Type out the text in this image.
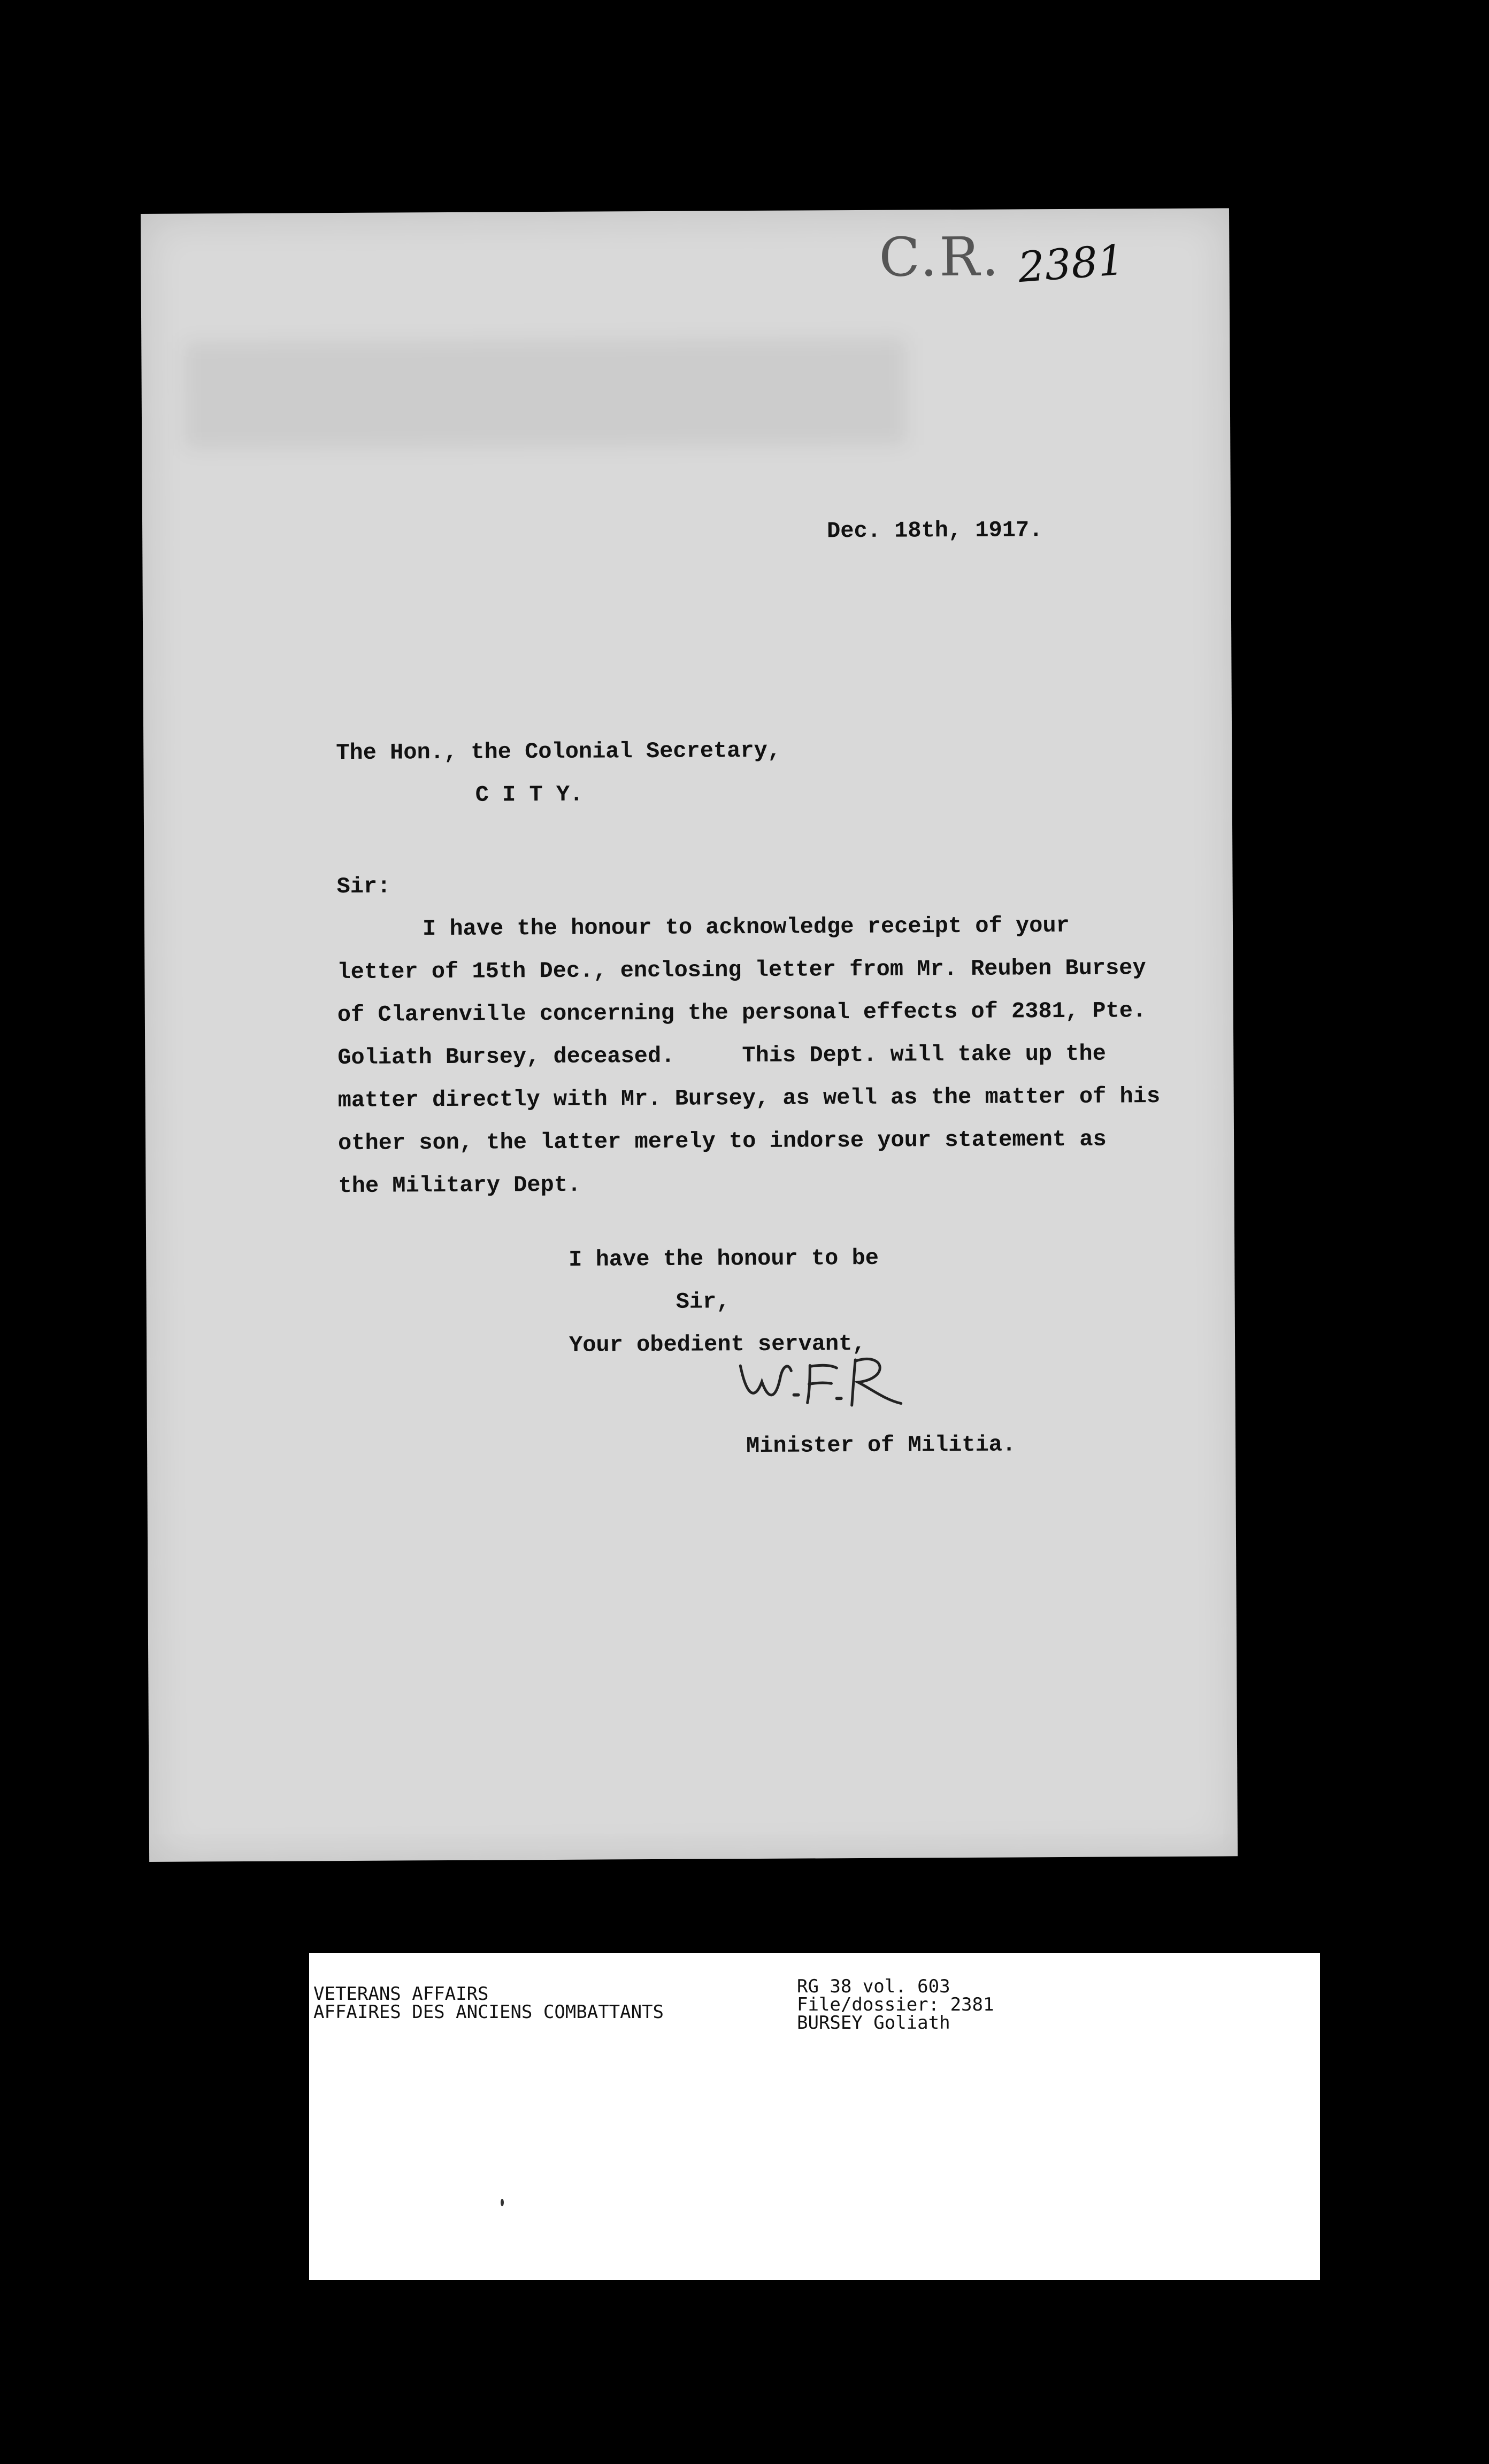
C.R. 2381
Dec. 18th, 1917.
The Hon., the Colonial Secretary,
C I T Y.
Sir:
I have the honour to acknowledge receipt of your
letter of 15th Dec., enclosing letter from Mr. Reuben Bursey
of Clarenville concerning the personal effects of 2381, Pte.
Goliath Bursey, deceased.     This Dept. will take up the
matter directly with Mr. Bursey, as well as the matter of his
other son, the latter merely to indorse your statement as
the Military Dept.
I have the honour to be
Sir,
Your obedient servant,
Minister of Militia.
VETERANS AFFAIRS
AFFAIRES DES ANCIENS COMBATTANTS
RG 38 vol. 603
File/dossier: 2381
BURSEY Goliath
